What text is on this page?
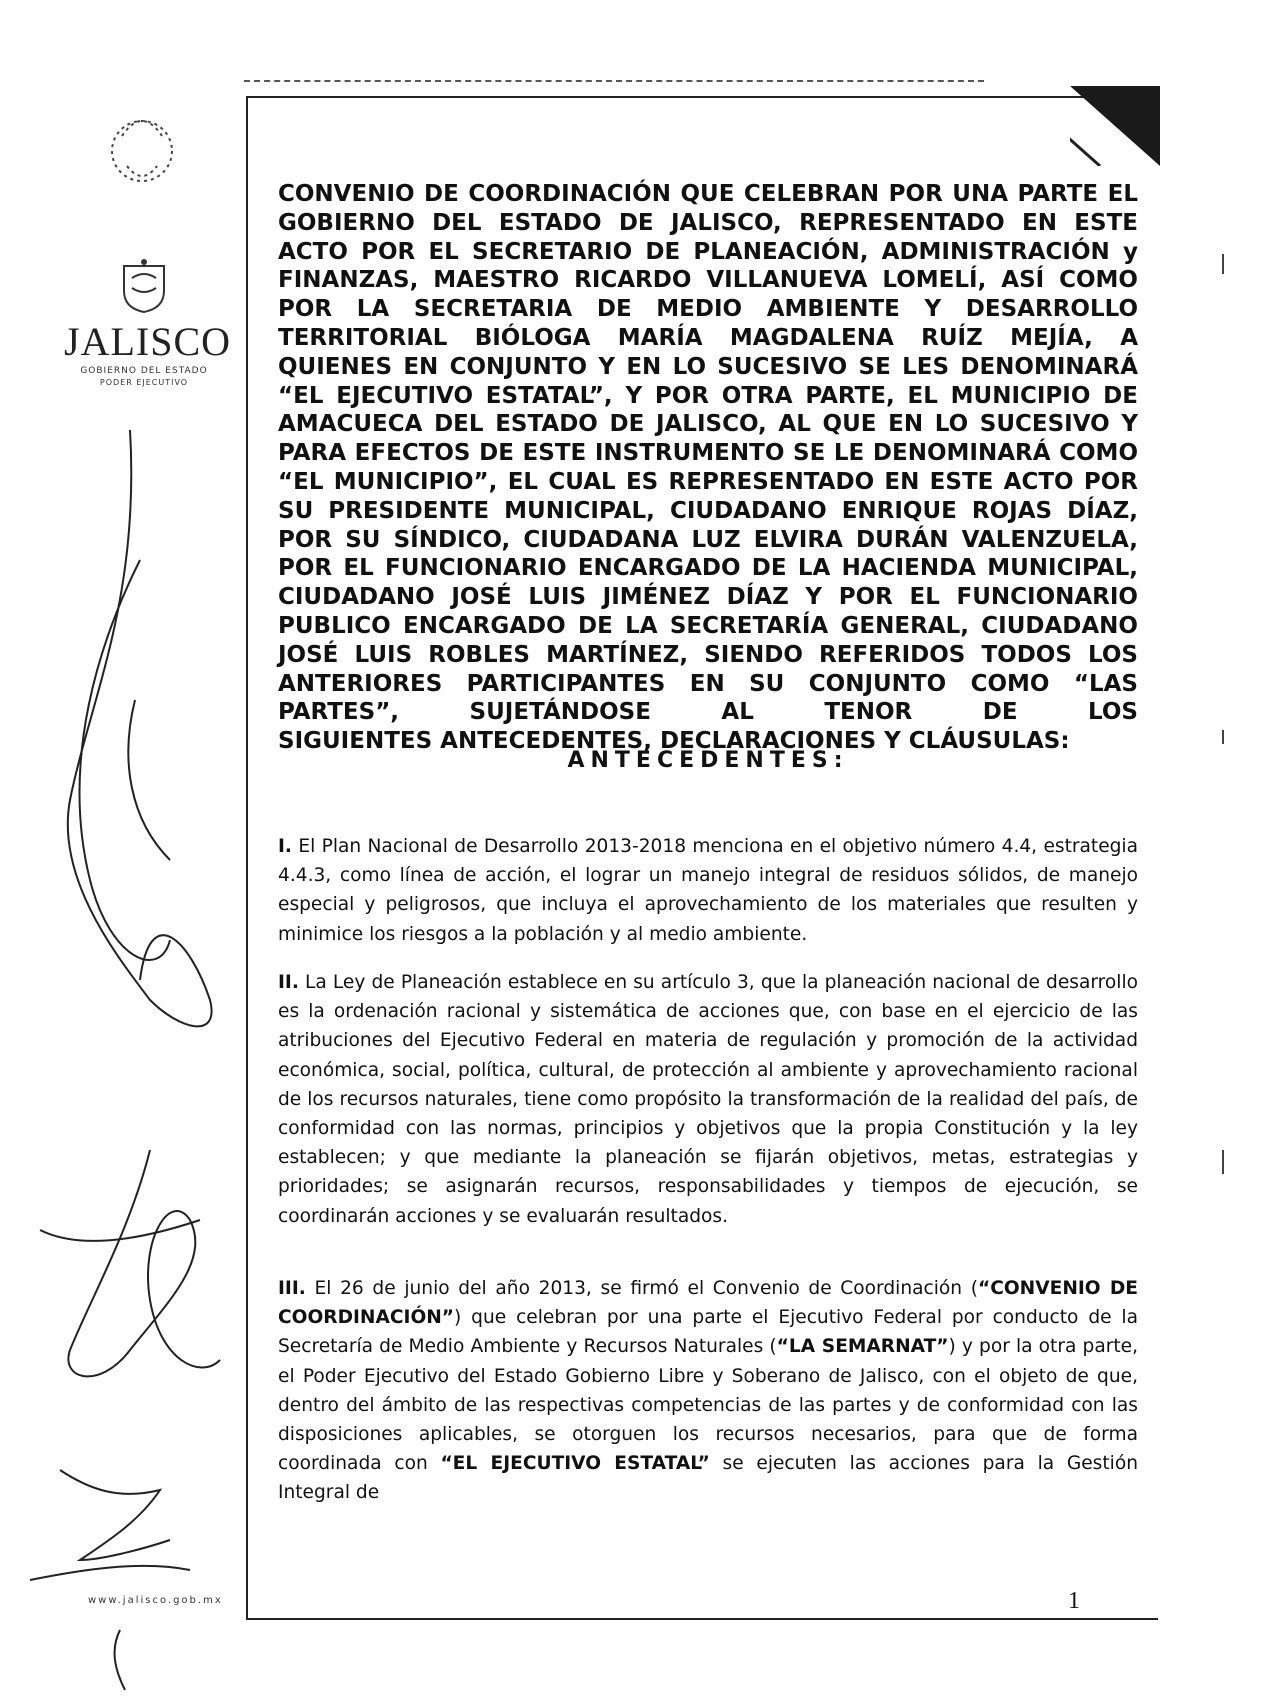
JALISCO
GOBIERNO DEL ESTADO
PODER EJECUTIVO
www.jalisco.gob.mx
CONVENIO DE COORDINACIÓN QUE CELEBRAN POR UNA PARTE EL GOBIERNO DEL ESTADO DE JALISCO, REPRESENTADO EN ESTE ACTO POR EL SECRETARIO DE PLANEACIÓN, ADMINISTRACIÓN y FINANZAS, MAESTRO RICARDO VILLANUEVA LOMELÍ, ASÍ COMO POR LA SECRETARIA DE MEDIO AMBIENTE Y DESARROLLO TERRITORIAL BIÓLOGA MARÍA MAGDALENA RUÍZ MEJÍA, A QUIENES EN CONJUNTO Y EN LO SUCESIVO SE LES DENOMINARÁ “EL EJECUTIVO ESTATAL”, Y POR OTRA PARTE, EL MUNICIPIO DE AMACUECA DEL ESTADO DE JALISCO, AL QUE EN LO SUCESIVO Y PARA EFECTOS DE ESTE INSTRUMENTO SE LE DENOMINARÁ COMO “EL MUNICIPIO”, EL CUAL ES REPRESENTADO EN ESTE ACTO POR SU PRESIDENTE MUNICIPAL, CIUDADANO ENRIQUE ROJAS DÍAZ, POR SU SÍNDICO, CIUDADANA LUZ ELVIRA DURÁN VALENZUELA, POR EL FUNCIONARIO ENCARGADO DE LA HACIENDA MUNICIPAL, CIUDADANO JOSÉ LUIS JIMÉNEZ DÍAZ Y POR EL FUNCIONARIO PUBLICO ENCARGADO DE LA SECRETARÍA GENERAL, CIUDADANO JOSÉ LUIS ROBLES MARTÍNEZ, SIENDO REFERIDOS TODOS LOS ANTERIORES PARTICIPANTES EN SU CONJUNTO COMO “LAS PARTES”, SUJETÁNDOSE AL TENOR DE LOS
SIGUIENTES ANTECEDENTES, DECLARACIONES Y CLÁUSULAS:
ANTECEDENTES:

I. El Plan Nacional de Desarrollo 2013-2018 menciona en el objetivo número 4.4, estrategia 4.4.3, como línea de acción, el lograr un manejo integral de residuos sólidos, de manejo especial y peligrosos, que incluya el aprovechamiento de los materiales que resulten y minimice los riesgos a la población y al medio ambiente.

II. La Ley de Planeación establece en su artículo 3, que la planeación nacional de desarrollo es la ordenación racional y sistemática de acciones que, con base en el ejercicio de las atribuciones del Ejecutivo Federal en materia de regulación y promoción de la actividad económica, social, política, cultural, de protección al ambiente y aprovechamiento racional de los recursos naturales, tiene como propósito la transformación de la realidad del país, de conformidad con las normas, principios y objetivos que la propia Constitución y la ley establecen; y que mediante la planeación se fijarán objetivos, metas, estrategias y prioridades; se asignarán recursos, responsabilidades y tiempos de ejecución, se coordinarán acciones y se evaluarán resultados.

III. El 26 de junio del año 2013, se firmó el Convenio de Coordinación (“CONVENIO DE COORDINACIÓN”) que celebran por una parte el Ejecutivo Federal por conducto de la Secretaría de Medio Ambiente y Recursos Naturales (“LA SEMARNAT”) y por la otra parte, el Poder Ejecutivo del Estado Gobierno Libre y Soberano de Jalisco, con el objeto de que, dentro del ámbito de las respectivas competencias de las partes y de conformidad con las disposiciones aplicables, se otorguen los recursos necesarios, para que de forma coordinada con “EL EJECUTIVO ESTATAL” se ejecuten las acciones para la Gestión Integral de

1
